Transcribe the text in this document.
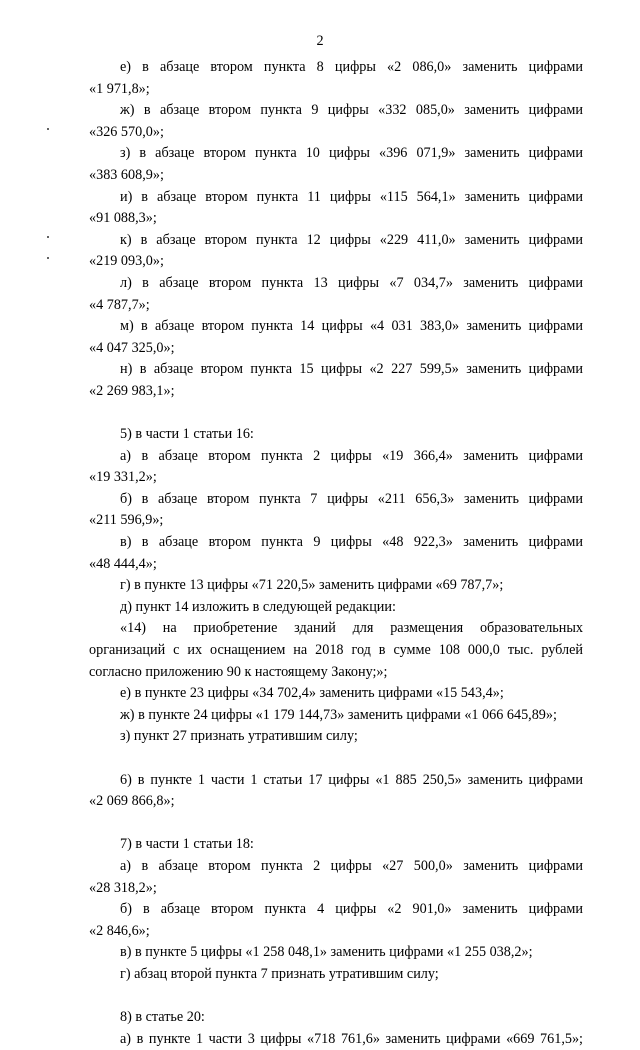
2
е) в абзаце втором пункта 8 цифры «2 086,0» заменить цифрами
«1 971,8»;
ж) в абзаце втором пункта 9 цифры «332 085,0» заменить цифрами
«326 570,0»;
з) в абзаце втором пункта 10 цифры «396 071,9» заменить цифрами
«383 608,9»;
и) в абзаце втором пункта 11 цифры «115 564,1» заменить цифрами
«91 088,3»;
к) в абзаце втором пункта 12 цифры «229 411,0» заменить цифрами
«219 093,0»;
л) в абзаце втором пункта 13 цифры «7 034,7» заменить цифрами
«4 787,7»;
м) в абзаце втором пункта 14 цифры «4 031 383,0» заменить цифрами
«4 047 325,0»;
н) в абзаце втором пункта 15 цифры «2 227 599,5» заменить цифрами
«2 269 983,1»;
5) в части 1 статьи 16:
а) в абзаце втором пункта 2 цифры «19 366,4» заменить цифрами
«19 331,2»;
б) в абзаце втором пункта 7 цифры «211 656,3» заменить цифрами
«211 596,9»;
в) в абзаце втором пункта 9 цифры «48 922,3» заменить цифрами
«48 444,4»;
г) в пункте 13 цифры «71 220,5» заменить цифрами «69 787,7»;
д) пункт 14 изложить в следующей редакции:
«14) на приобретение зданий для размещения образовательных
организаций с их оснащением на 2018 год в сумме 108 000,0 тыс. рублей
согласно приложению 90 к настоящему Закону;»;
е) в пункте 23 цифры «34 702,4» заменить цифрами «15 543,4»;
ж) в пункте 24 цифры «1 179 144,73» заменить цифрами «1 066 645,89»;
з) пункт 27 признать утратившим силу;
6) в пункте 1 части 1 статьи 17 цифры «1 885 250,5» заменить цифрами
«2 069 866,8»;
7) в части 1 статьи 18:
а) в абзаце втором пункта 2 цифры «27 500,0» заменить цифрами
«28 318,2»;
б) в абзаце втором пункта 4 цифры «2 901,0» заменить цифрами
«2 846,6»;
в) в пункте 5 цифры «1 258 048,1» заменить цифрами «1 255 038,2»;
г) абзац второй пункта 7 признать утратившим силу;
8) в статье 20:
а) в пункте 1 части 3 цифры «718 761,6» заменить цифрами «669 761,5»;
